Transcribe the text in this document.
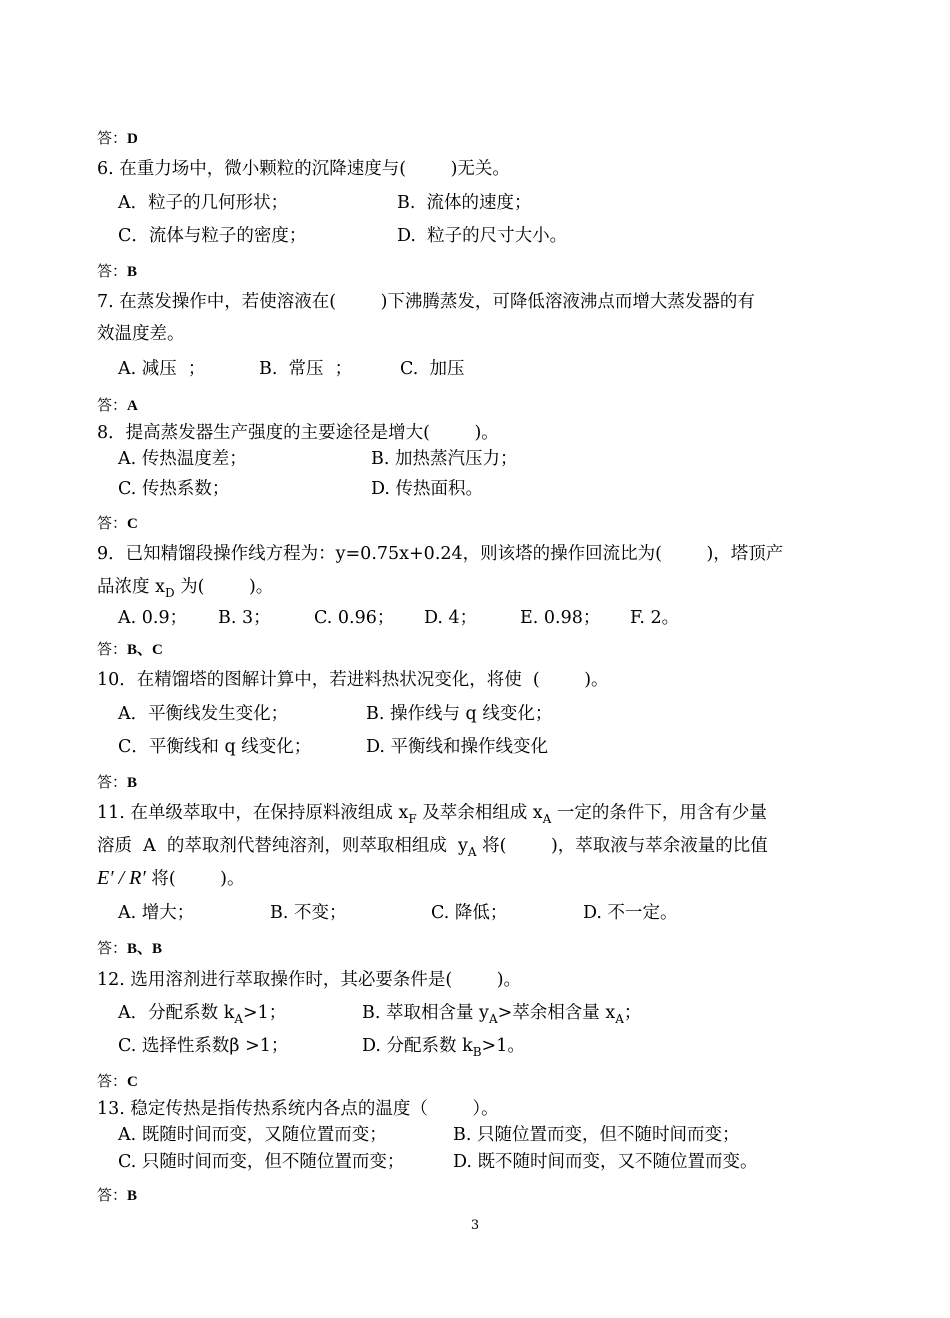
答：D
6. 在重力场中，微小颗粒的沉降速度与(        )无关。
A．粒子的几何形状；	B.  流体的速度；
C．流体与粒子的密度；	D.  粒子的尺寸大小。
答：B
7. 在蒸发操作中，若使溶液在(        )下沸腾蒸发，可降低溶液沸点而增大蒸发器的有
效温度差。
A. 减压  ；	B.  常压  ；	C.  加压
答：A
8．提高蒸发器生产强度的主要途径是增大(        )。
A. 传热温度差；	B. 加热蒸汽压力；
C. 传热系数；	D. 传热面积。
答：C
9．已知精馏段操作线方程为：y=0.75x+0.24，则该塔的操作回流比为(        )，塔顶产
品浓度 $x_D$ 为(        )。
A. 0.9； B. 3； C. 0.96； D. 4； E. 0.98； F. 2。
答：B、C
10．在精馏塔的图解计算中，若进料热状况变化，将使  (        )。
A．平衡线发生变化；	B. 操作线与 q 线变化；
C．平衡线和 q 线变化；	D. 平衡线和操作线变化
答：B
11. 在单级萃取中，在保持原料液组成 $x_F$ 及萃余相组成 $x_A$ 一定的条件下，用含有少量
溶质  A  的萃取剂代替纯溶剂，则萃取相组成  $y_A$ 将(        )，萃取液与萃余液量的比值
E′ / R′ 将(        )。
A. 增大；	B. 不变；	C. 降低；	D. 不一定。
答：B、B
12. 选用溶剂进行萃取操作时，其必要条件是(        )。
A．分配系数 $k_A>1$；	B. 萃取相含量 $y_A>$萃余相含量 $x_A$；
C. 选择性系数β >1；	D. 分配系数 $k_B>1$。
答：C
13. 稳定传热是指传热系统内各点的温度（        ）。
A. 既随时间而变，又随位置而变；	B. 只随位置而变，但不随时间而变；
C. 只随时间而变，但不随位置而变；	D. 既不随时间而变，又不随位置而变。
答：B
3
